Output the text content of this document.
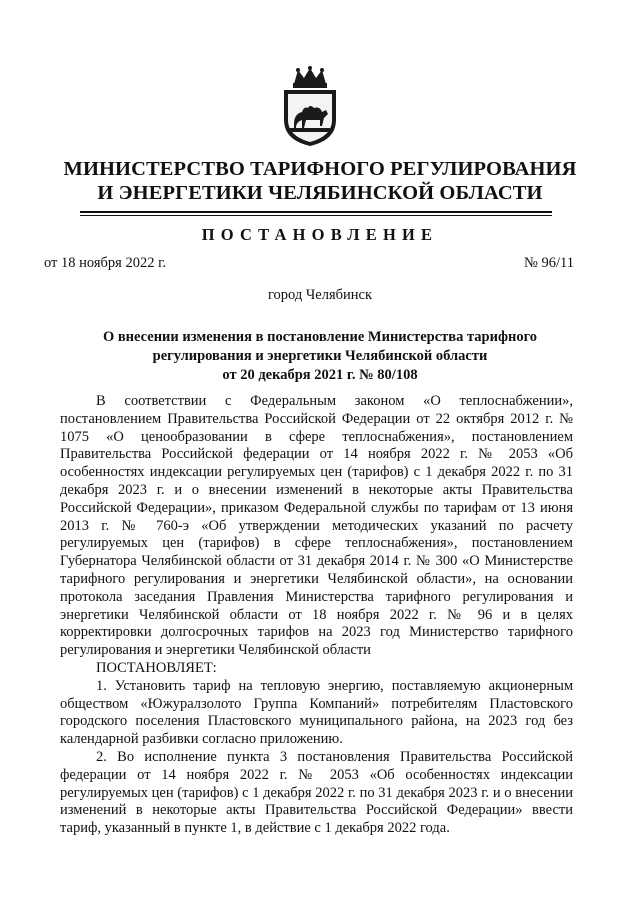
МИНИСТЕРСТВО ТАРИФНОГО РЕГУЛИРОВАНИЯ
И ЭНЕРГЕТИКИ ЧЕЛЯБИНСКОЙ ОБЛАСТИ
ПОСТАНОВЛЕНИЕ
от 18 ноября 2022 г.	№ 96/11
город Челябинск
О внесении изменения в постановление Министерства тарифного
регулирования и энергетики Челябинской области
от 20 декабря 2021 г. № 80/108

В соответствии с Федеральным законом «О теплоснабжении», постановлением Правительства Российской Федерации от 22 октября 2012 г. № 1075 «О ценообразовании в сфере теплоснабжения», постановлением Правительства Российской федерации от 14 ноября 2022 г. № 2053 «Об особенностях индексации регулируемых цен (тарифов) с 1 декабря 2022 г. по 31 декабря 2023 г. и о внесении изменений в некоторые акты Правительства Российской Федерации», приказом Федеральной службы по тарифам от 13 июня 2013 г. № 760-э «Об утверждении методических указаний по расчету регулируемых цен (тарифов) в сфере теплоснабжения», постановлением Губернатора Челябинской области от 31 декабря 2014 г. № 300 «О Министерстве тарифного регулирования и энергетики Челябинской области», на основании протокола заседания Правления Министерства тарифного регулирования и энергетики Челябинской области от 18 ноября 2022 г. № 96 и в целях корректировки долгосрочных тарифов на 2023 год Министерство тарифного регулирования и энергетики Челябинской области

ПОСТАНОВЛЯЕТ:

1. Установить тариф на тепловую энергию, поставляемую акционерным обществом «Южуралзолото Группа Компаний» потребителям Пластовского городского поселения Пластовского муниципального района, на 2023 год без календарной разбивки согласно приложению.

2. Во исполнение пункта 3 постановления Правительства Российской федерации от 14 ноября 2022 г. № 2053 «Об особенностях индексации регулируемых цен (тарифов) с 1 декабря 2022 г. по 31 декабря 2023 г. и о внесении изменений в некоторые акты Правительства Российской Федерации» ввести тариф, указанный в пункте 1, в действие с 1 декабря 2022 года.
